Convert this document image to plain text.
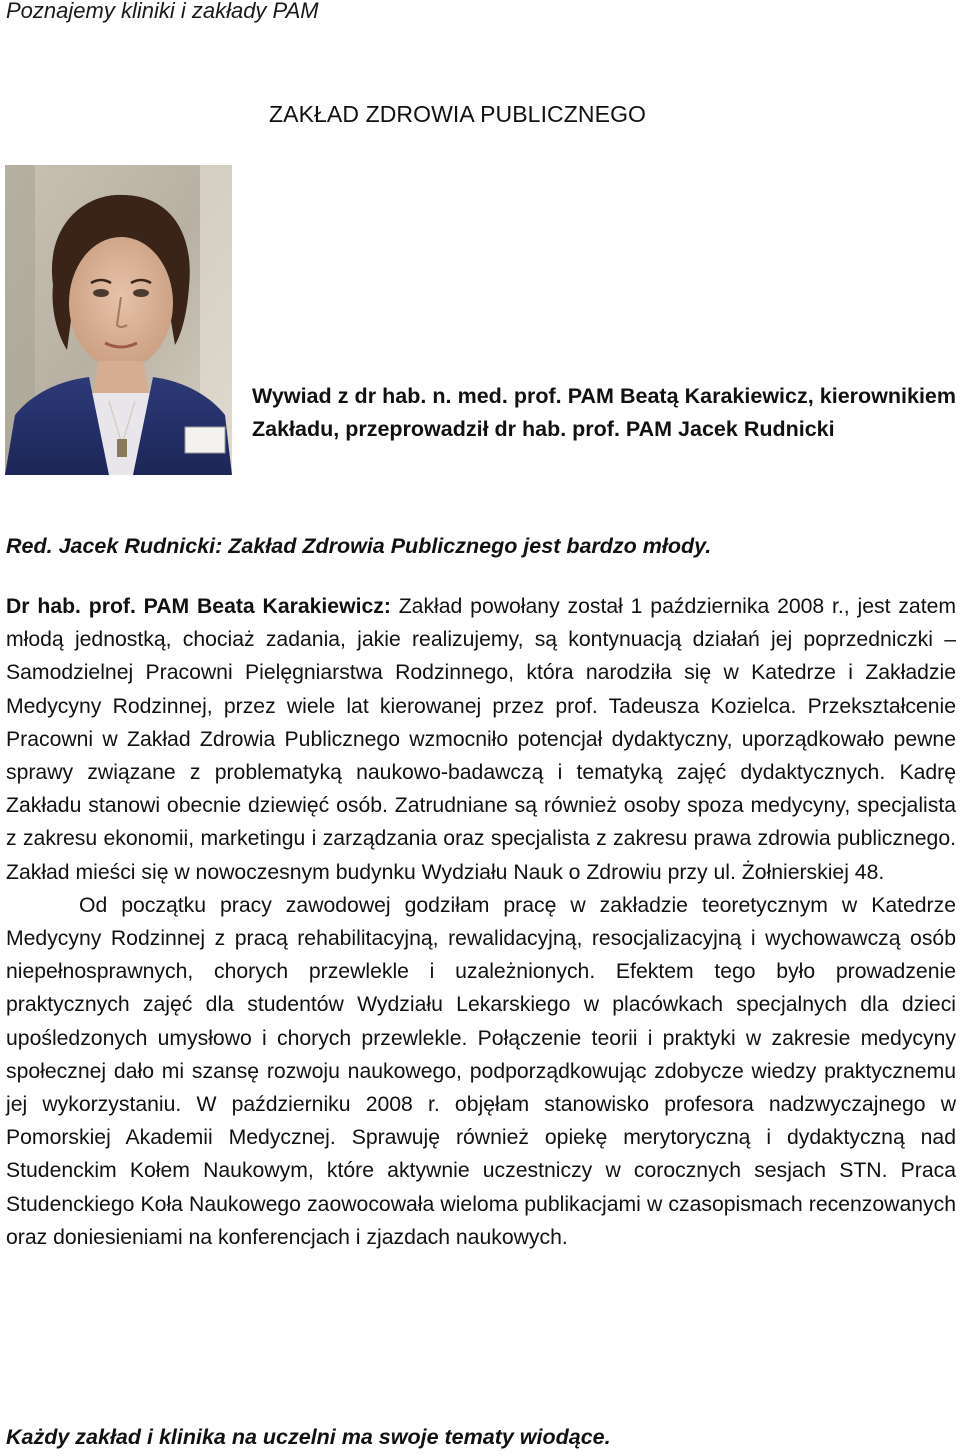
Poznajemy kliniki i zakłady PAM
ZAKŁAD ZDROWIA PUBLICZNEGO
Wywiad z dr hab. n. med. prof. PAM Beatą Karakiewicz, kierownikiem Zakładu, przeprowadził dr hab. prof. PAM Jacek Rudnicki
Red. Jacek Rudnicki: Zakład Zdrowia Publicznego jest bardzo młody.

Dr hab. prof. PAM Beata Karakiewicz: Zakład powołany został 1 października 2008 r., jest zatem młodą jednostką, chociaż zadania, jakie realizujemy, są kontynuacją działań jej poprzedniczki – Samodzielnej Pracowni Pielęgniarstwa Rodzinnego, która narodziła się w Katedrze i Zakładzie Medycyny Rodzinnej, przez wiele lat kierowanej przez prof. Tadeusza Kozielca. Przekształcenie Pracowni w Zakład Zdrowia Publicznego wzmocniło potencjał dydaktyczny, uporządkowało pewne sprawy związane z problematyką naukowo-badawczą i tematyką zajęć dydaktycznych. Kadrę Zakładu stanowi obecnie dziewięć osób. Zatrudniane są również osoby spoza medycyny, specjalista z zakresu ekonomii, marketingu i zarządzania oraz specjalista z zakresu prawa zdrowia publicznego. Zakład mieści się w nowoczesnym budynku Wydziału Nauk o Zdrowiu przy ul. Żołnierskiej 48.

Od początku pracy zawodowej godziłam pracę w zakładzie teoretycznym w Katedrze Medycyny Rodzinnej z pracą rehabilitacyjną, rewalidacyjną, resocjalizacyjną i wychowawczą osób niepełnosprawnych, chorych przewlekle i uzależnionych. Efektem tego było prowadzenie praktycznych zajęć dla studentów Wydziału Lekarskiego w placówkach specjalnych dla dzieci upośledzonych umysłowo i chorych przewlekle. Połączenie teorii i praktyki w zakresie medycyny społecznej dało mi szansę rozwoju naukowego, podporządkowując zdobycze wiedzy praktycznemu jej wykorzystaniu. W październiku 2008 r. objęłam stanowisko profesora nadzwyczajnego w Pomorskiej Akademii Medycznej. Sprawuję również opiekę merytoryczną i dydaktyczną nad Studenckim Kołem Naukowym, które aktywnie uczestniczy w corocznych sesjach STN. Praca Studenckiego Koła Naukowego zaowocowała wieloma publikacjami w czasopismach recenzowanych oraz doniesieniami na konferencjach i zjazdach naukowych.

Każdy zakład i klinika na uczelni ma swoje tematy wiodące.
